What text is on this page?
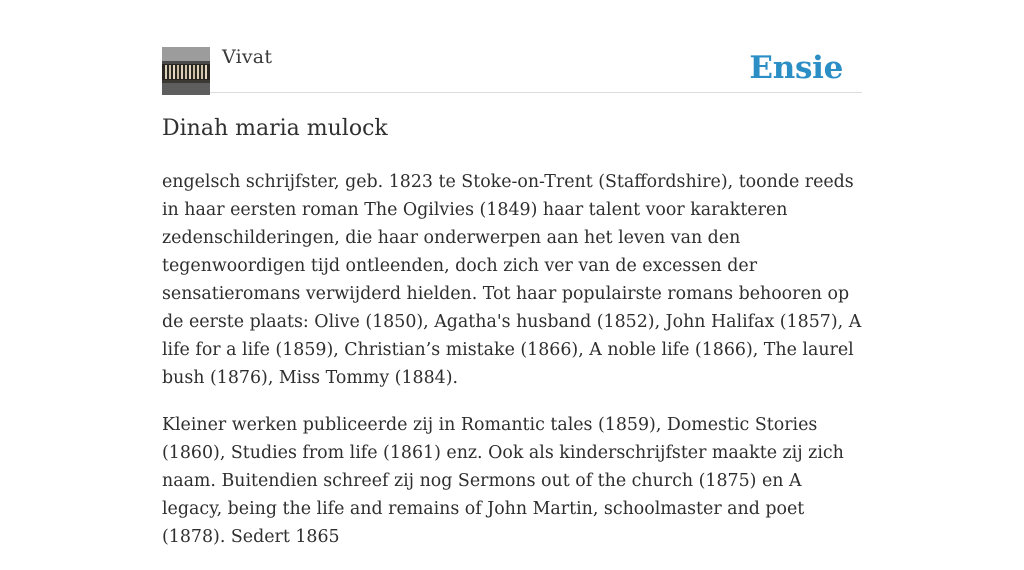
Vivat	Ensie
Dinah maria mulock

engelsch schrijfster, geb. 1823 te Stoke-on-Trent (Staffordshire), toonde reeds in haar eersten roman The Ogilvies (1849) haar talent voor karakteren zedenschilderingen, die haar onderwerpen aan het leven van den tegenwoordigen tijd ontleenden, doch zich ver van de excessen der sensatieromans verwijderd hielden. Tot haar populairste romans behooren op de eerste plaats: Olive (1850), Agatha's husband (1852), John Halifax (1857), A life for a life (1859), Christian’s mistake (1866), A noble life (1866), The laurel bush (1876), Miss Tommy (1884).

Kleiner werken publiceerde zij in Romantic tales (1859), Domestic Stories (1860), Studies from life (1861) enz. Ook als kinderschrijfster maakte zij zich naam. Buitendien schreef zij nog Sermons out of the church (1875) en A legacy, being the life and remains of John Martin, schoolmaster and poet (1878). Sedert 1865
